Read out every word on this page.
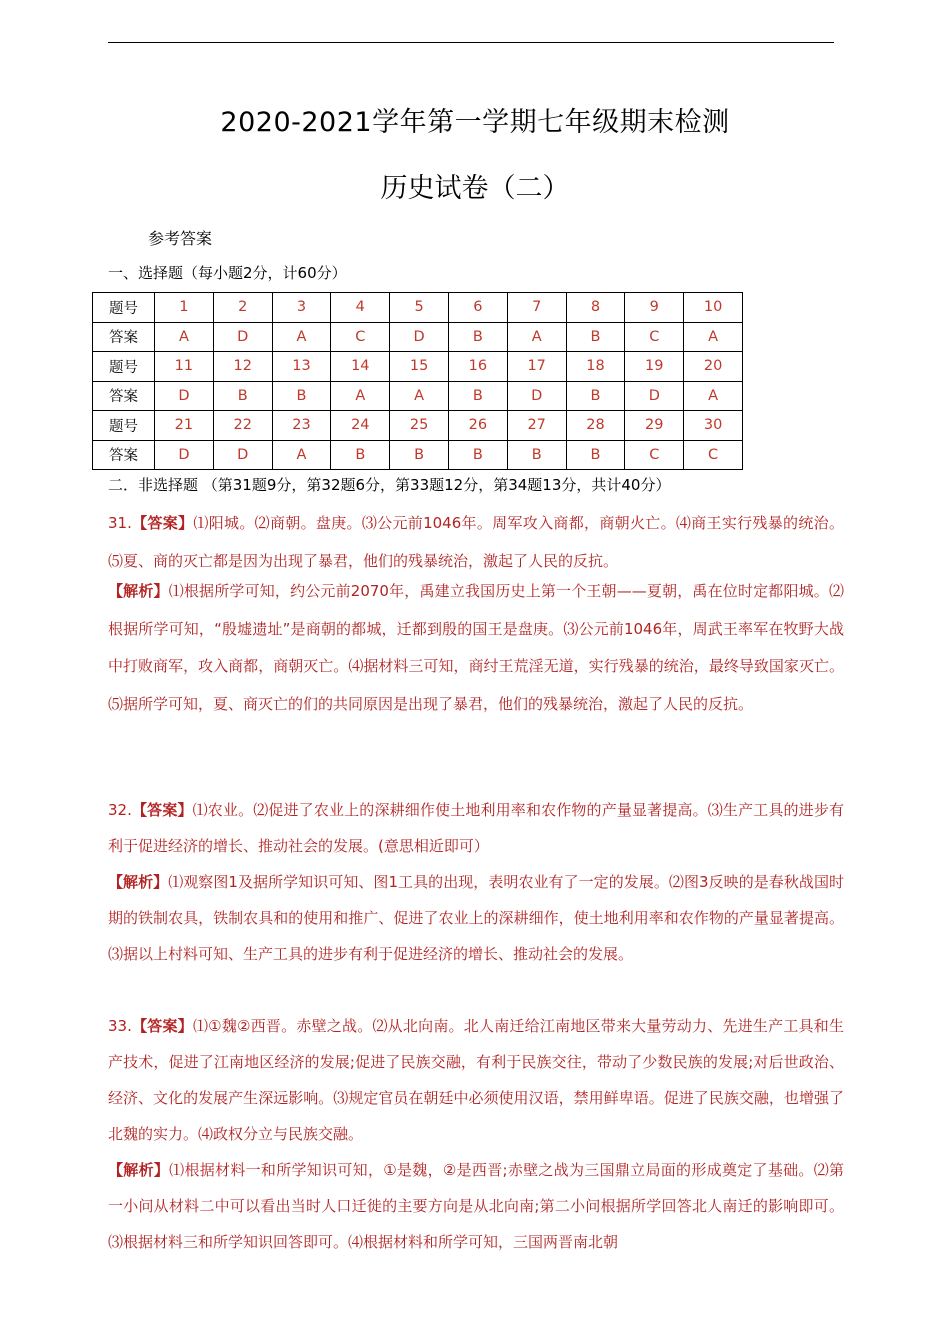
2020-2021学年第一学期七年级期末检测
历史试卷（二）
参考答案
一、选择题（每小题2分，计60分）
题号	1	2	3	4	5	6	7	8	9	10
答案	A	D	A	C	D	B	A	B	C	A
题号	11	12	13	14	15	16	17	18	19	20
答案	D	B	B	A	A	B	D	B	D	A
题号	21	22	23	24	25	26	27	28	29	30
答案	D	D	A	B	B	B	B	B	C	C
二．非选择题 （第31题9分，第32题6分，第33题12分，第34题13分，共计40分）
31.【答案】⑴阳城。⑵商朝。盘庚。⑶公元前1046年。周军攻入商都，商朝火亡。⑷商王实行残暴的统治。⑸夏、商的灭亡都是因为出现了暴君，他们的残暴统治，激起了人民的反抗。
【解析】⑴根据所学可知，约公元前2070年，禹建立我国历史上第一个王朝——夏朝，禹在位时定都阳城。⑵根据所学可知，“殷墟遗址”是商朝的都城，迁都到殷的国王是盘庚。⑶公元前1046年，周武王率军在牧野大战中打败商军，攻入商都，商朝灭亡。⑷据材料三可知，商纣王荒淫无道，实行残暴的统治，最终导致国家灭亡。⑸据所学可知，夏、商灭亡的们的共同原因是出现了暴君，他们的残暴统治，激起了人民的反抗。
32.【答案】⑴农业。⑵促进了农业上的深耕细作使土地利用率和农作物的产量显著提高。⑶生产工具的进步有利于促进经济的增长、推动社会的发展。(意思相近即可）
【解析】⑴观察图1及据所学知识可知、图1工具的出现，表明农业有了一定的发展。⑵图3反映的是春秋战国时期的铁制农具，铁制农具和的使用和推广、促进了农业上的深耕细作，使土地利用率和农作物的产量显著提高。⑶据以上村料可知、生产工具的进步有利于促进经济的增长、推动社会的发展。
33.【答案】⑴①魏②西晋。赤壁之战。⑵从北向南。北人南迁给江南地区带来大量劳动力、先进生产工具和生产技术，促进了江南地区经济的发展;促进了民族交融，有利于民族交往，带动了少数民族的发展;对后世政治、经济、文化的发展产生深远影响。⑶规定官员在朝廷中必须使用汉语，禁用鲜卑语。促进了民族交融，也增强了北魏的实力。⑷政权分立与民族交融。
【解析】⑴根据材料一和所学知识可知，①是魏，②是西晋;赤壁之战为三国鼎立局面的形成奠定了基础。⑵第一小问从材料二中可以看出当时人口迁徙的主要方向是从北向南;第二小问根据所学回答北人南迁的影响即可。⑶根据材料三和所学知识回答即可。⑷根据材料和所学可知，三国两晋南北朝
